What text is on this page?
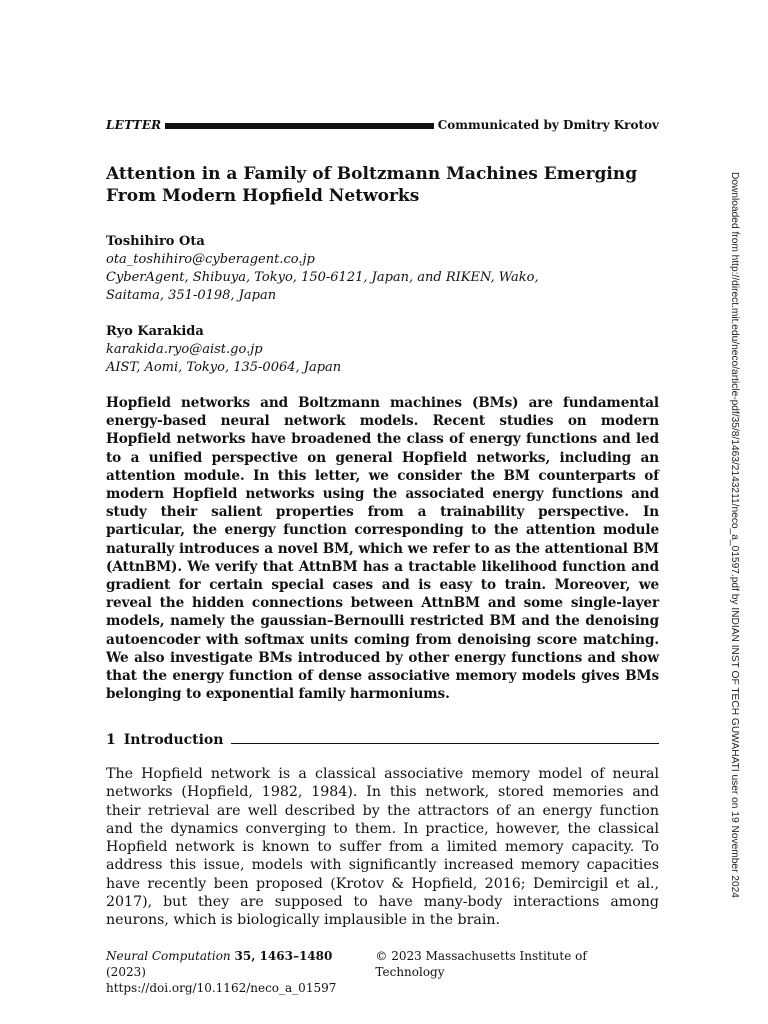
LETTER	Communicated by Dmitry Krotov
Attention in a Family of Boltzmann Machines Emerging
From Modern Hopfield Networks
Toshihiro Ota
ota_toshihiro@cyberagent.co.jp
CyberAgent, Shibuya, Tokyo, 150-6121, Japan, and RIKEN, Wako,
Saitama, 351-0198, Japan
Ryo Karakida
karakida.ryo@aist.go.jp
AIST, Aomi, Tokyo, 135-0064, Japan
Hopfield networks and Boltzmann machines (BMs) are fundamental energy-based neural network models. Recent studies on modern Hopfield networks have broadened the class of energy functions and led to a unified perspective on general Hopfield networks, including an attention module. In this letter, we consider the BM counterparts of modern Hopfield networks using the associated energy functions and study their salient properties from a trainability perspective. In particular, the energy function corresponding to the attention module naturally introduces a novel BM, which we refer to as the attentional BM (AttnBM). We verify that AttnBM has a tractable likelihood function and gradient for certain special cases and is easy to train. Moreover, we reveal the hidden connections between AttnBM and some single-layer models, namely the gaussian–Bernoulli restricted BM and the denoising autoencoder with softmax units coming from denoising score matching. We also investigate BMs introduced by other energy functions and show that the energy function of dense associative memory models gives BMs belonging to exponential family harmoniums.
1 Introduction
The Hopfield network is a classical associative memory model of neural networks (Hopfield, 1982, 1984). In this network, stored memories and their retrieval are well described by the attractors of an energy function and the dynamics converging to them. In practice, however, the classical Hopfield network is known to suffer from a limited memory capacity. To address this issue, models with significantly increased memory capacities have recently been proposed (Krotov & Hopfield, 2016; Demircigil et al., 2017), but they are supposed to have many-body interactions among neurons, which is biologically implausible in the brain.
Neural Computation 35, 1463–1480 (2023)
© 2023 Massachusetts Institute of Technology
https://doi.org/10.1162/neco_a_01597
Downloaded from http://direct.mit.edu/neco/article-pdf/35/8/1463/2143211/neco_a_01597.pdf by INDIAN INST OF TECH GUWAHATI user on 19 November 2024
